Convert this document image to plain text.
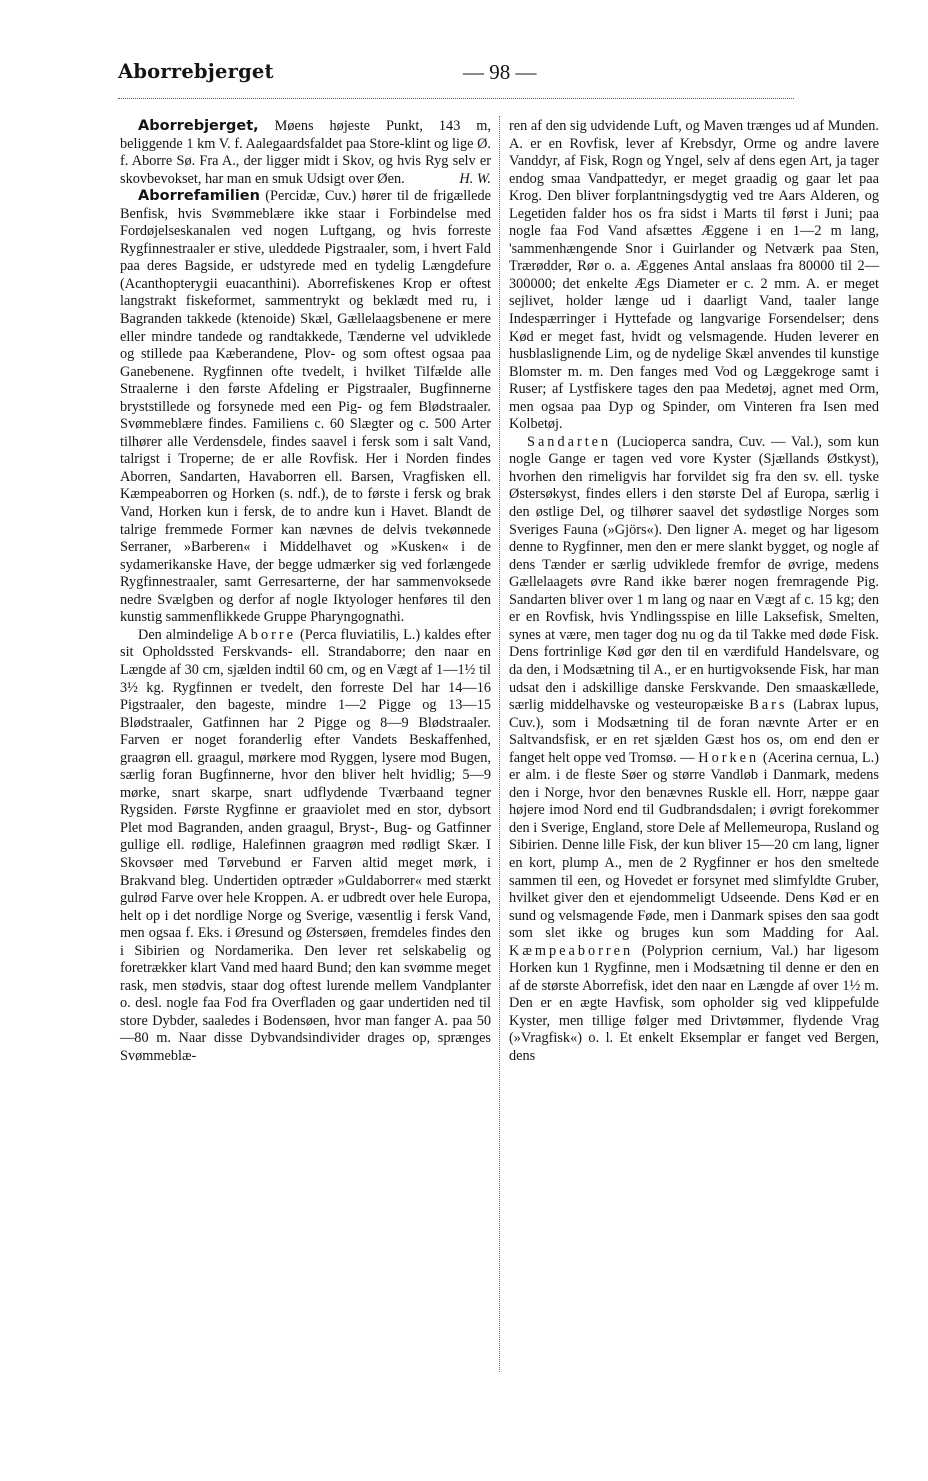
Aborrebjerget	— 98 —

Aborrebjerget, Møens højeste Punkt, 143 m, beliggende 1 km V. f. Aalegaardsfaldet paa Store-klint og lige Ø. f. Aborre Sø. Fra A., der ligger midt i Skov, og hvis Ryg selv er skovbevokset, har man en smuk Udsigt over Øen.	H. W.

Aborrefamilien (Percidæ, Cuv.) hører til de frigællede Benfisk, hvis Svømmeblære ikke staar i Forbindelse med Fordøjelseskanalen ved nogen Luftgang, og hvis forreste Rygfinnestraaler er stive, uleddede Pigstraaler, som, i hvert Fald paa deres Bagside, er udstyrede med en tydelig Længdefure (Acanthopterygii euacanthini). Aborrefiskenes Krop er oftest langstrakt fiskeformet, sammentrykt og beklædt med ru, i Bagranden takkede (ktenoide) Skæl, Gællelaagsbenene er mere eller mindre tandede og randtakkede, Tænderne vel udviklede og stillede paa Kæberandene, Plov- og som oftest ogsaa paa Ganebenene. Rygfinnen ofte tvedelt, i hvilket Tilfælde alle Straalerne i den første Afdeling er Pigstraaler, Bugfinnerne bryststillede og forsynede med een Pig- og fem Blødstraaler. Svømmeblære findes. Familiens c. 60 Slægter og c. 500 Arter tilhører alle Verdensdele, findes saavel i fersk som i salt Vand, talrigst i Troperne; de er alle Rovfisk. Her i Norden findes Aborren, Sandarten, Havaborren ell. Barsen, Vragfisken ell. Kæmpeaborren og Horken (s. ndf.), de to første i fersk og brak Vand, Horken kun i fersk, de to andre kun i Havet. Blandt de talrige fremmede Former kan nævnes de delvis tvekønnede Serraner, »Barberen« i Middelhavet og »Kusken« i de sydamerikanske Have, der begge udmærker sig ved forlængede Rygfinnestraaler, samt Gerresarterne, der har sammenvoksede nedre Svælgben og derfor af nogle Iktyologer henføres til den kunstig sammenflikkede Gruppe Pharyngognathi.

Den almindelige Aborre (Perca fluviatilis, L.) kaldes efter sit Opholdssted Ferskvands- ell. Strandaborre; den naar en Længde af 30 cm, sjælden indtil 60 cm, og en Vægt af 1—1½ til 3½ kg. Rygfinnen er tvedelt, den forreste Del har 14—16 Pigstraaler, den bageste, mindre 1—2 Pigge og 13—15 Blødstraaler, Gatfinnen har 2 Pigge og 8—9 Blødstraaler. Farven er noget foranderlig efter Vandets Beskaffenhed, graagrøn ell. graagul, mørkere mod Ryggen, lysere mod Bugen, særlig foran Bugfinnerne, hvor den bliver helt hvidlig; 5—9 mørke, snart skarpe, snart udflydende Tværbaand tegner Rygsiden. Første Rygfinne er graaviolet med en stor, dybsort Plet mod Bagranden, anden graagul, Bryst-, Bug- og Gatfinner gullige ell. rødlige, Halefinnen graagrøn med rødligt Skær. I Skovsøer med Tørvebund er Farven altid meget mørk, i Brakvand bleg. Undertiden optræder »Guldaborrer« med stærkt gulrød Farve over hele Kroppen. A. er udbredt over hele Europa, helt op i det nordlige Norge og Sverige, væsentlig i fersk Vand, men ogsaa f. Eks. i Øresund og Østersøen, fremdeles findes den i Sibirien og Nordamerika. Den lever ret selskabelig og foretrækker klart Vand med haard Bund; den kan svømme meget rask, men stødvis, staar dog oftest lurende mellem Vandplanter o. desl. nogle faa Fod fra Overfladen og gaar undertiden ned til store Dybder, saaledes i Bodensøen, hvor man fanger A. paa 50—80 m. Naar disse Dybvandsindivider drages op, sprænges Svømmeblæ-

ren af den sig udvidende Luft, og Maven trænges ud af Munden. A. er en Rovfisk, lever af Krebsdyr, Orme og andre lavere Vanddyr, af Fisk, Rogn og Yngel, selv af dens egen Art, ja tager endog smaa Vandpattedyr, er meget graadig og gaar let paa Krog. Den bliver forplantningsdygtig ved tre Aars Alderen, og Legetiden falder hos os fra sidst i Marts til først i Juni; paa nogle faa Fod Vand afsættes Æggene i en 1—2 m lang, 'sammenhængende Snor i Guirlander og Netværk paa Sten, Trærødder, Rør o. a. Æggenes Antal anslaas fra 80000 til 2—300000; det enkelte Ægs Diameter er c. 2 mm. A. er meget sejlivet, holder længe ud i daarligt Vand, taaler lange Indespærringer i Hyttefade og langvarige Forsendelser; dens Kød er meget fast, hvidt og velsmagende. Huden leverer en husblaslignende Lim, og de nydelige Skæl anvendes til kunstige Blomster m. m. Den fanges med Vod og Læggekroge samt i Ruser; af Lystfiskere tages den paa Medetøj, agnet med Orm, men ogsaa paa Dyp og Spinder, om Vinteren fra Isen med Kolbetøj.

Sandarten (Lucioperca sandra, Cuv. — Val.), som kun nogle Gange er tagen ved vore Kyster (Sjællands Østkyst), hvorhen den rimeligvis har forvildet sig fra den sv. ell. tyske Østersøkyst, findes ellers i den største Del af Europa, særlig i den østlige Del, og tilhører saavel det sydøstlige Norges som Sveriges Fauna (»Gjörs«). Den ligner A. meget og har ligesom denne to Rygfinner, men den er mere slankt bygget, og nogle af dens Tænder er særlig udviklede fremfor de øvrige, medens Gællelaagets øvre Rand ikke bærer nogen fremragende Pig. Sandarten bliver over 1 m lang og naar en Vægt af c. 15 kg; den er en Rovfisk, hvis Yndlingsspise en lille Laksefisk, Smelten, synes at være, men tager dog nu og da til Takke med døde Fisk. Dens fortrinlige Kød gør den til en værdifuld Handelsvare, og da den, i Modsætning til A., er en hurtigvoksende Fisk, har man udsat den i adskillige danske Ferskvande. Den smaaskællede, særlig middelhavske og vesteuropæiske Bars (Labrax lupus, Cuv.), som i Modsætning til de foran nævnte Arter er en Saltvandsfisk, er en ret sjælden Gæst hos os, om end den er fanget helt oppe ved Tromsø. — Horken (Acerina cernua, L.) er alm. i de fleste Søer og større Vandløb i Danmark, medens den i Norge, hvor den benævnes Ruskle ell. Horr, næppe gaar højere imod Nord end til Gudbrandsdalen; i øvrigt forekommer den i Sverige, England, store Dele af Mellemeuropa, Rusland og Sibirien. Denne lille Fisk, der kun bliver 15—20 cm lang, ligner en kort, plump A., men de 2 Rygfinner er hos den smeltede sammen til een, og Hovedet er forsynet med slimfyldte Gruber, hvilket giver den et ejendommeligt Udseende. Dens Kød er en sund og velsmagende Føde, men i Danmark spises den saa godt som slet ikke og bruges kun som Madding for Aal. Kæmpeaborren (Polyprion cernium, Val.) har ligesom Horken kun 1 Rygfinne, men i Modsætning til denne er den en af de største Aborrefisk, idet den naar en Længde af over 1½ m. Den er en ægte Havfisk, som opholder sig ved klippefulde Kyster, men tillige følger med Drivtømmer, flydende Vrag (»Vragfisk«) o. l. Et enkelt Eksemplar er fanget ved Bergen, dens
